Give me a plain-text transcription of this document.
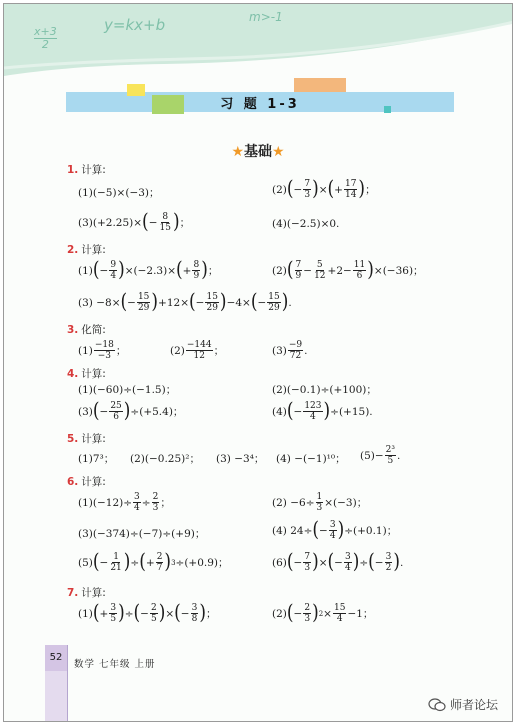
$\frac{x+3}{2}$
y=kx+b	m>-1
习 题 1-3
★基础★
1. 计算:
(1)(−5)×(−3)；	(2) ( − $\frac{7}{3}$ ) × ( + $\frac{17}{14}$ ) ；
(3)(+2.25)× ( − $\frac{8}{15}$ ) ；	(4)(−2.5)×0.
2. 计算:
(1) ( − $\frac{9}{4}$ ) ×(−2.3)× ( + $\frac{8}{9}$ ) ；	(2) ( $\frac{7}{9} - \frac{5}{12} +2- \frac{11}{6}$ ) ×(−36)；
(3) −8× ( − $\frac{15}{29}$ ) +12× ( − $\frac{15}{29}$ ) −4× ( − $\frac{15}{29}$ ) .
3. 化简:
$(1) \frac{-18}{-3}$ ；	$(2) \frac{-144}{12}$ ；	$(3) \frac{-9}{72}$ .
4. 计算:
(1)(−60)÷(−1.5)；	(2)(−0.1)÷(+100)；
(3) ( − $\frac{25}{6}$ ) ÷(+5.4)；	(4) ( − $\frac{123}{4}$ ) ÷(+15).
5. 计算:
(1)7³； (2)(−0.25)²； (3) −3⁴； (4) −(−1)¹⁰； $(5)- \frac{\text{2³}}{5}$ .
6. 计算:
$(1)(-12)\div \frac{3}{4} \div \frac{2}{3}$ ；	$(2) -6\div \frac{1}{3} \times(-3)$；
(3)(−374)÷(−7)÷(+9)；	(4) 24÷ ( − $\frac{3}{4}$ ) ÷(+0.1)；
(5) ( − $\frac{1}{21}$ ) ÷ ( + $\frac{2}{7}$ ) 3 ÷(+0.9)；	(6) ( − $\frac{7}{3}$ ) × ( − $\frac{3}{4}$ ) ÷ ( − $\frac{3}{2}$ ) .
7. 计算:
(1) ( + $\frac{3}{5}$ ) ÷ ( − $\frac{2}{5}$ ) × ( − $\frac{3}{8}$ ) ；	(2) ( − $\frac{2}{3}$ ) $2 \times \frac{15}{4} -1$；
52
数学 七年级 上册
师者论坛
